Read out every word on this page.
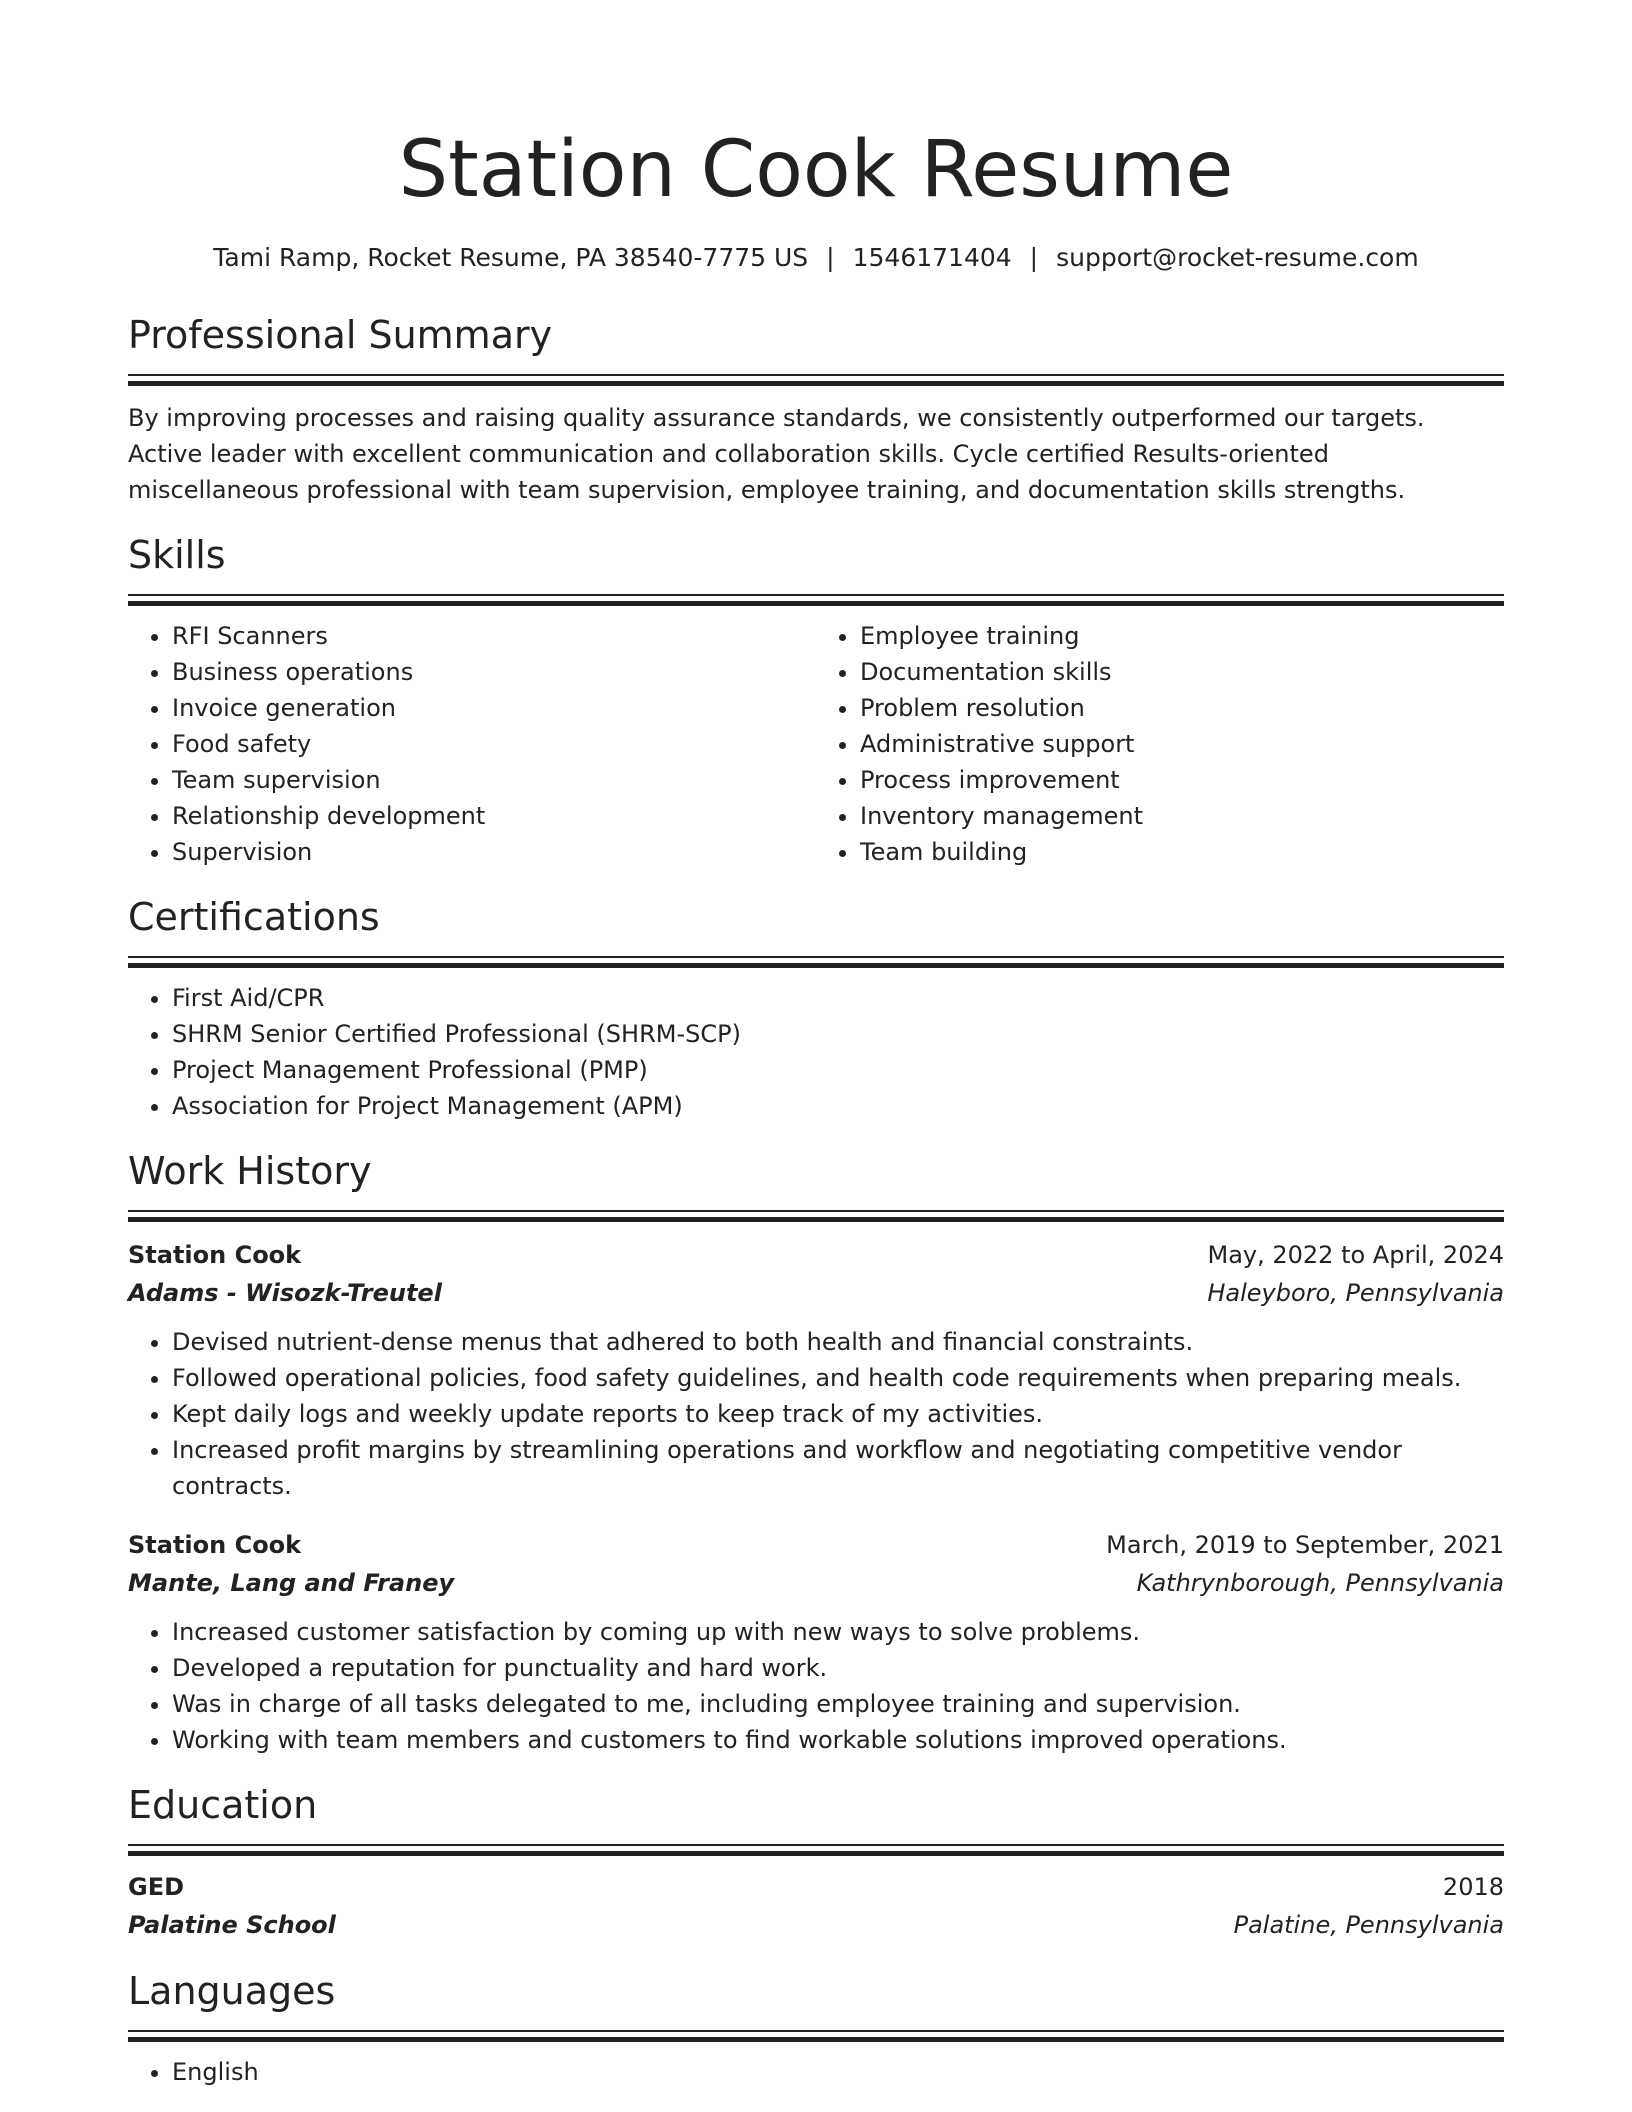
Station Cook Resume
Tami Ramp, Rocket Resume, PA 38540-7775 US | 1546171404 | support@rocket-resume.com
Professional Summary

By improving processes and raising quality assurance standards, we consistently outperformed our targets. Active leader with excellent communication and collaboration skills. Cycle certified Results-oriented miscellaneous professional with team supervision, employee training, and documentation skills strengths.

Skills
• RFI Scanners
• Business operations
• Invoice generation
• Food safety
• Team supervision
• Relationship development
• Supervision
• Employee training
• Documentation skills
• Problem resolution
• Administrative support
• Process improvement
• Inventory management
• Team building
Certifications
• First Aid/CPR
• SHRM Senior Certified Professional (SHRM-SCP)
• Project Management Professional (PMP)
• Association for Project Management (APM)
Work History
Station Cook	May, 2022 to April, 2024
Adams - Wisozk-Treutel	Haleyboro, Pennsylvania
• Devised nutrient-dense menus that adhered to both health and financial constraints.
• Followed operational policies, food safety guidelines, and health code requirements when preparing meals.
• Kept daily logs and weekly update reports to keep track of my activities.
• Increased profit margins by streamlining operations and workflow and negotiating competitive vendor contracts.
Station Cook	March, 2019 to September, 2021
Mante, Lang and Franey	Kathrynborough, Pennsylvania
• Increased customer satisfaction by coming up with new ways to solve problems.
• Developed a reputation for punctuality and hard work.
• Was in charge of all tasks delegated to me, including employee training and supervision.
• Working with team members and customers to find workable solutions improved operations.
Education
GED	2018
Palatine School	Palatine, Pennsylvania
Languages
• English
